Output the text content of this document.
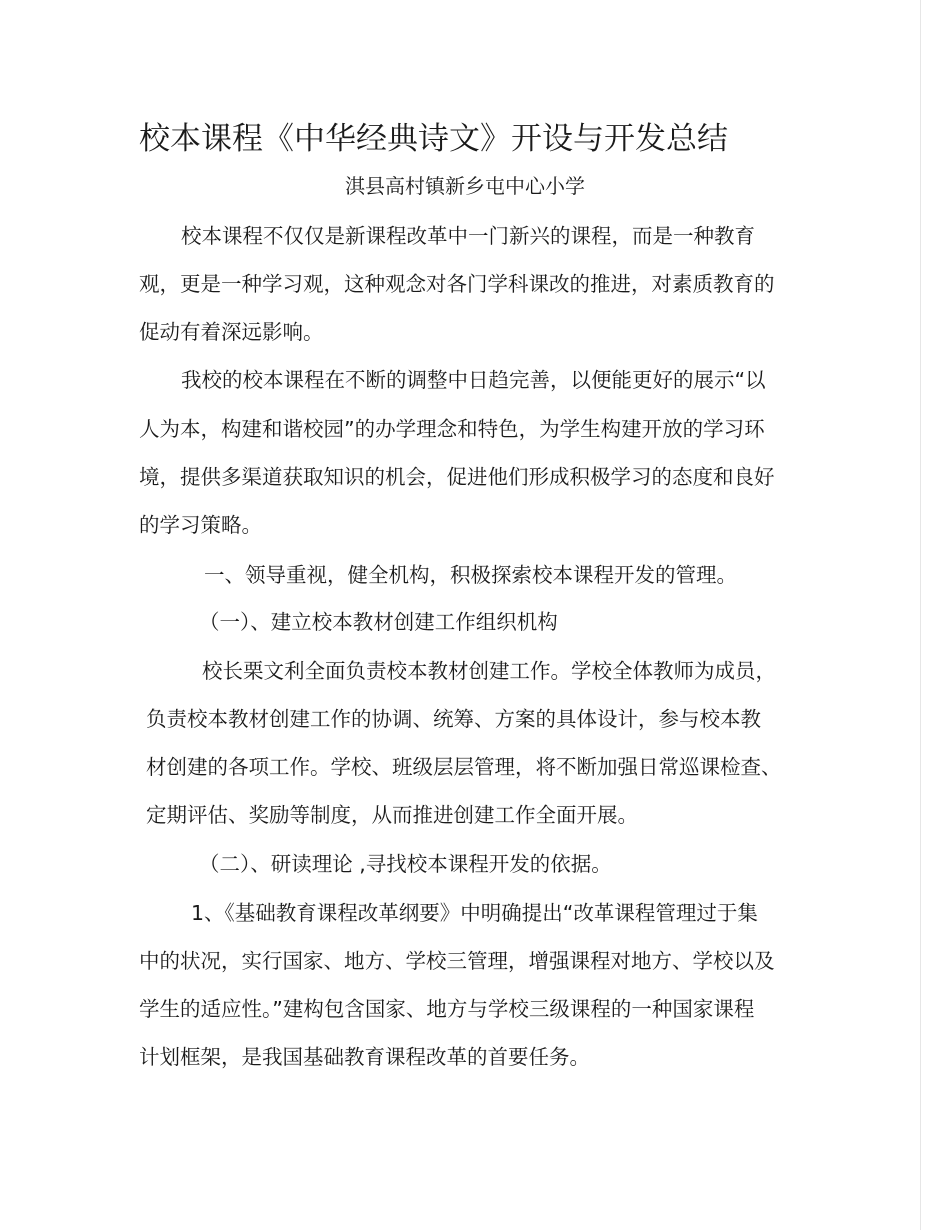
校本课程《中华经典诗文》开设与开发总结
淇县高村镇新乡屯中心小学
校本课程不仅仅是新课程改革中一门新兴的课程，而是一种教育
观，更是一种学习观，这种观念对各门学科课改的推进，对素质教育的
促动有着深远影响。
我校的校本课程在不断的调整中日趋完善，以便能更好的展示“以
人为本，构建和谐校园”的办学理念和特色，为学生构建开放的学习环
境，提供多渠道获取知识的机会，促进他们形成积极学习的态度和良好
的学习策略。
一、领导重视，健全机构，积极探索校本课程开发的管理。
（一）、建立校本教材创建工作组织机构
校长栗文利全面负责校本教材创建工作。学校全体教师为成员，
负责校本教材创建工作的协调、统筹、方案的具体设计，参与校本教
材创建的各项工作。学校、班级层层管理，将不断加强日常巡课检查、
定期评估、奖励等制度，从而推进创建工作全面开展。
（二）、研读理论 ,寻找校本课程开发的依据。
1、《基础教育课程改革纲要》中明确提出“改革课程管理过于集
中的状况，实行国家、地方、学校三管理，增强课程对地方、学校以及
学生的适应性。”建构包含国家、地方与学校三级课程的一种国家课程
计划框架，是我国基础教育课程改革的首要任务。
